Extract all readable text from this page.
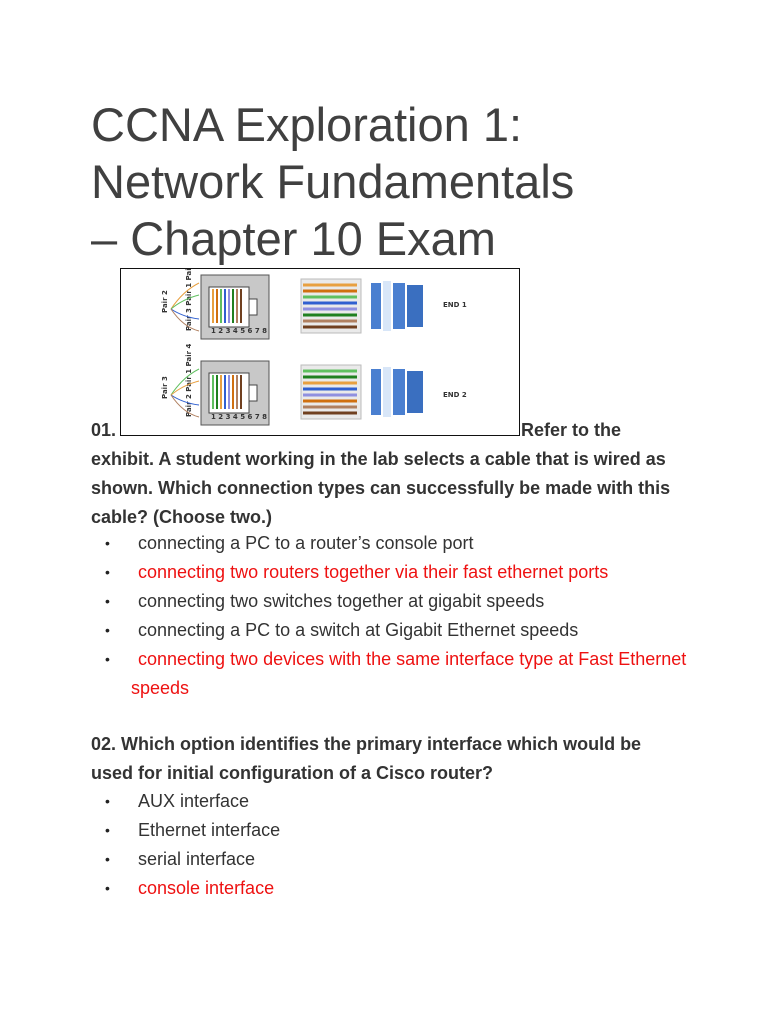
CCNA Exploration 1:
Network Fundamentals
– Chapter 10 Exam
1 2 3 4 5 6 7 8
Pair 3 Pair 1 Pair 4
Pair 2	END 1
1 2 3 4 5 6 7 8
Pair 2 Pair 1 Pair 4
Pair 3	END 2
01.	Refer to the
exhibit. A student working in the lab selects a cable that is wired as shown. Which connection types can successfully be made with this cable? (Choose two.)
• connecting a PC to a router’s console port
• connecting two routers together via their fast ethernet ports
• connecting two switches together at gigabit speeds
• connecting a PC to a switch at Gigabit Ethernet speeds
• connecting two devices with the same interface type at Fast Ethernet speeds
02. Which option identifies the primary interface which would be used for initial configuration of a Cisco router?
• AUX interface
• Ethernet interface
• serial interface
• console interface
